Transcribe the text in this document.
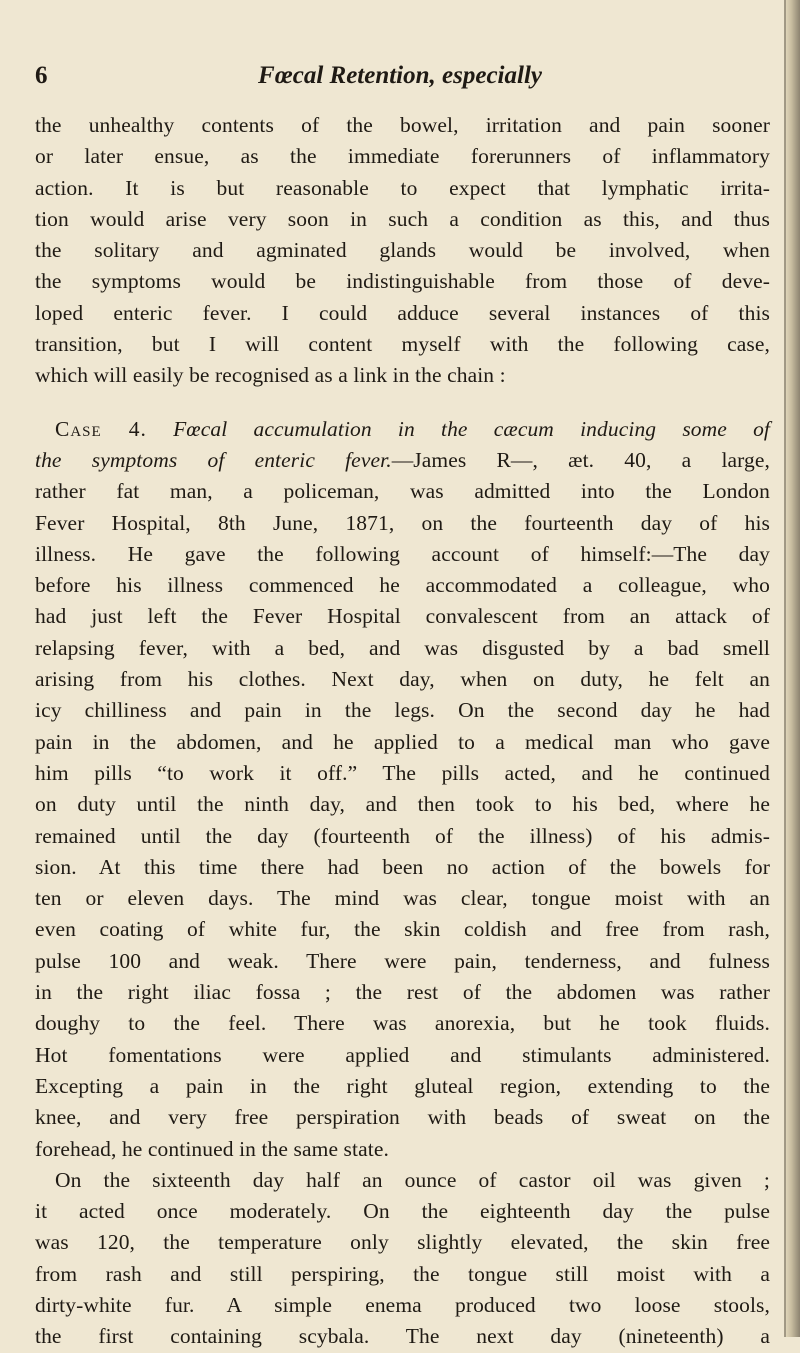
6	Fœcal Retention, especially
the unhealthy contents of the bowel, irritation and pain sooner
or later ensue, as the immediate forerunners of inflammatory
action. It is but reasonable to expect that lymphatic irrita-
tion would arise very soon in such a condition as this, and thus
the solitary and agminated glands would be involved, when
the symptoms would be indistinguishable from those of deve-
loped enteric fever. I could adduce several instances of this
transition, but I will content myself with the following case,
which will easily be recognised as a link in the chain :
Case 4. Fœcal accumulation in the cæcum inducing some of
the symptoms of enteric fever.—James R—, æt. 40, a large,
rather fat man, a policeman, was admitted into the London
Fever Hospital, 8th June, 1871, on the fourteenth day of his
illness. He gave the following account of himself:—The day
before his illness commenced he accommodated a colleague, who
had just left the Fever Hospital convalescent from an attack of
relapsing fever, with a bed, and was disgusted by a bad smell
arising from his clothes. Next day, when on duty, he felt an
icy chilliness and pain in the legs. On the second day he had
pain in the abdomen, and he applied to a medical man who gave
him pills “to work it off.” The pills acted, and he continued
on duty until the ninth day, and then took to his bed, where he
remained until the day (fourteenth of the illness) of his admis-
sion. At this time there had been no action of the bowels for
ten or eleven days. The mind was clear, tongue moist with an
even coating of white fur, the skin coldish and free from rash,
pulse 100 and weak. There were pain, tenderness, and fulness
in the right iliac fossa ; the rest of the abdomen was rather
doughy to the feel. There was anorexia, but he took fluids.
Hot fomentations were applied and stimulants administered.
Excepting a pain in the right gluteal region, extending to the
knee, and very free perspiration with beads of sweat on the
forehead, he continued in the same state.
On the sixteenth day half an ounce of castor oil was given ;
it acted once moderately. On the eighteenth day the pulse
was 120, the temperature only slightly elevated, the skin free
from rash and still perspiring, the tongue still moist with a
dirty-white fur. A simple enema produced two loose stools,
the first containing scybala. The next day (nineteenth) a
